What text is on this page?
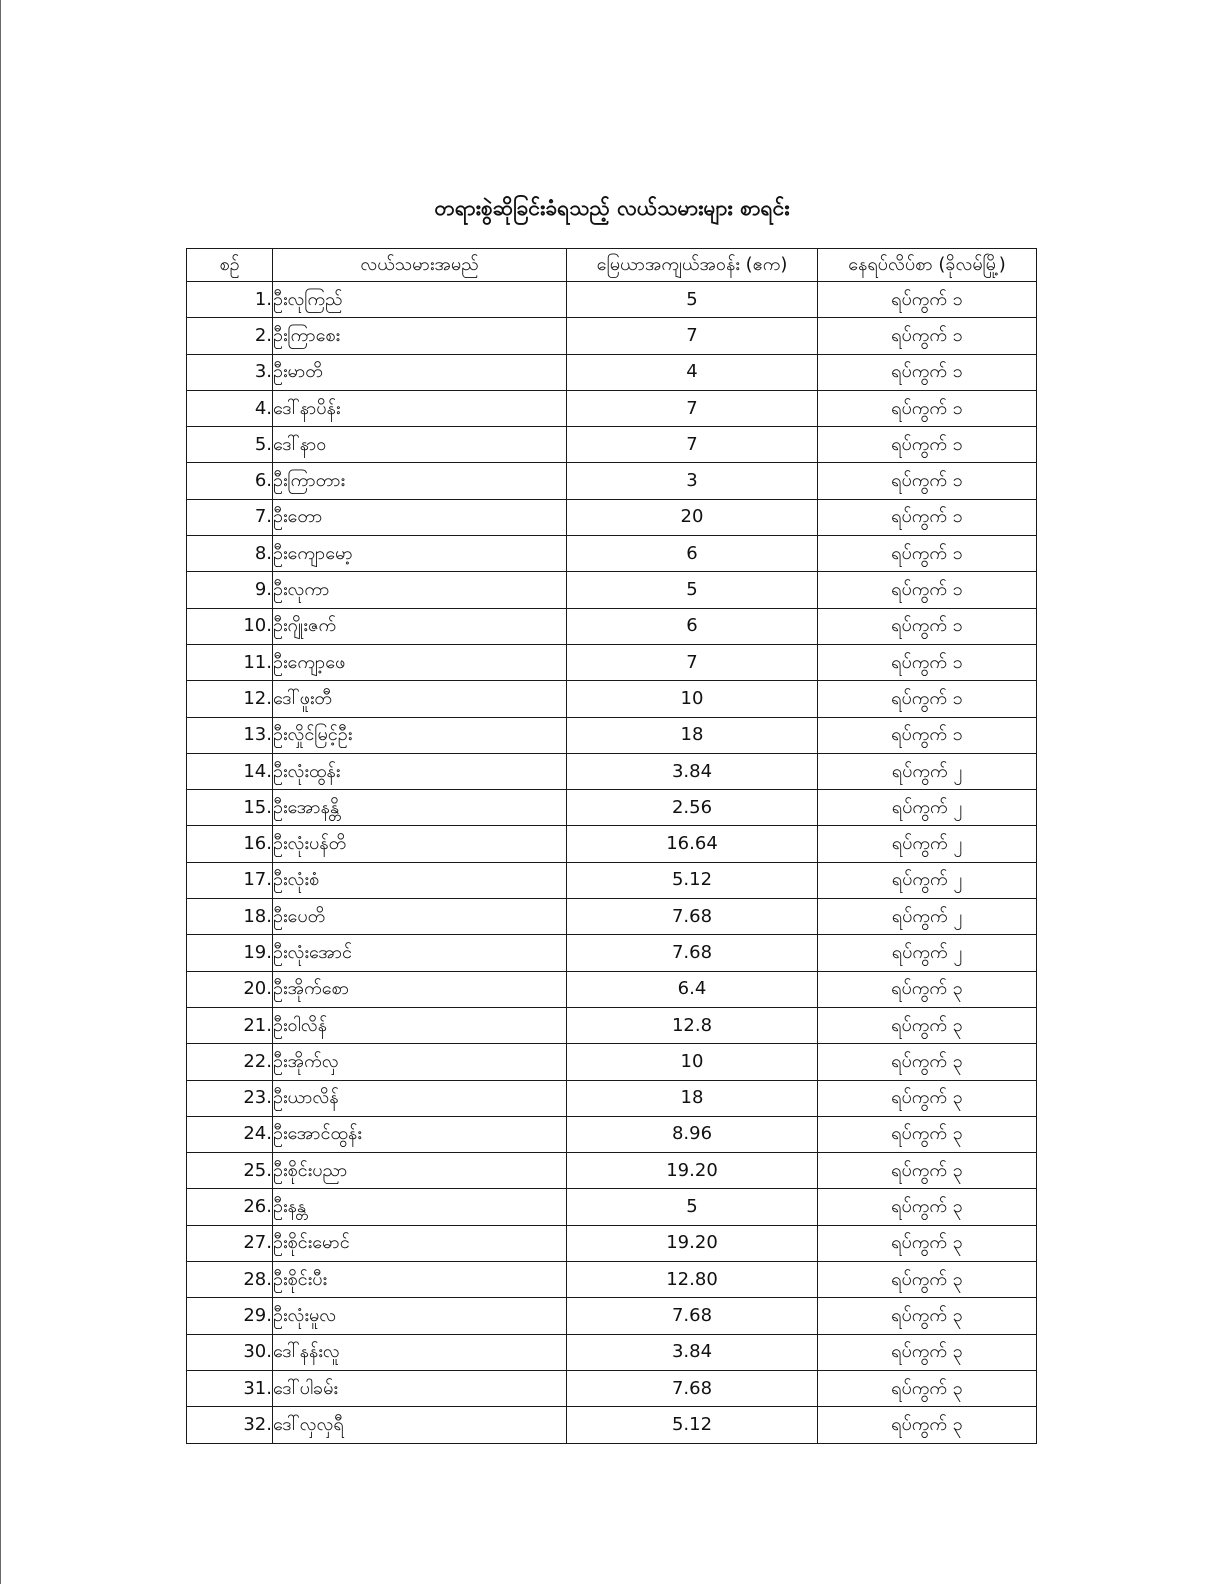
တရားစွဲဆိုခြင်းခံရသည့် လယ်သမားများ စာရင်း
စဥ်	လယ်သမားအမည်	မြေယာအကျယ်အဝန်း (ဧက)	နေရပ်လိပ်စာ (ခိုလမ်မြို့)
1.	ဦးလုကြည်	5	ရပ်ကွက် ၁
2.	ဦးကြာစေး	7	ရပ်ကွက် ၁
3.	ဦးမာတိ	4	ရပ်ကွက် ၁
4.	ဒေါ်နာပိန်း	7	ရပ်ကွက် ၁
5.	ဒေါ်နာဝ	7	ရပ်ကွက် ၁
6.	ဦးကြာတား	3	ရပ်ကွက် ၁
7.	ဦးတော	20	ရပ်ကွက် ၁
8.	ဦးကျောမော့	6	ရပ်ကွက် ၁
9.	ဦးလုကာ	5	ရပ်ကွက် ၁
10.	ဦးဂျိုးဇက်	6	ရပ်ကွက် ၁
11.	ဦးကျော့ဖေ	7	ရပ်ကွက် ၁
12.	ဒေါ်ဖူးတီ	10	ရပ်ကွက် ၁
13.	ဦးလှိုင်မြင့်ဦး	18	ရပ်ကွက် ၁
14.	ဦးလုံးထွန်း	3.84	ရပ်ကွက် ၂
15.	ဦးအောနန္တိ	2.56	ရပ်ကွက် ၂
16.	ဦးလုံးပန်တိ	16.64	ရပ်ကွက် ၂
17.	ဦးလုံးစံ	5.12	ရပ်ကွက် ၂
18.	ဦးပေတိ	7.68	ရပ်ကွက် ၂
19.	ဦးလုံးအောင်	7.68	ရပ်ကွက် ၂
20.	ဦးအိုက်စော	6.4	ရပ်ကွက် ၃
21.	ဦးဝါလိန်	12.8	ရပ်ကွက် ၃
22.	ဦးအိုက်လှ	10	ရပ်ကွက် ၃
23.	ဦးယာလိန်	18	ရပ်ကွက် ၃
24.	ဦးအောင်ထွန်း	8.96	ရပ်ကွက် ၃
25.	ဦးစိုင်းပညာ	19.20	ရပ်ကွက် ၃
26.	ဦးနန္တ	5	ရပ်ကွက် ၃
27.	ဦးစိုင်းမောင်	19.20	ရပ်ကွက် ၃
28.	ဦးစိုင်းပီး	12.80	ရပ်ကွက် ၃
29.	ဦးလုံးမူလ	7.68	ရပ်ကွက် ၃
30.	ဒေါ်နန်းလူ	3.84	ရပ်ကွက် ၃
31.	ဒေါ်ပါခမ်း	7.68	ရပ်ကွက် ၃
32.	ဒေါ်လှလှရီ	5.12	ရပ်ကွက် ၃
